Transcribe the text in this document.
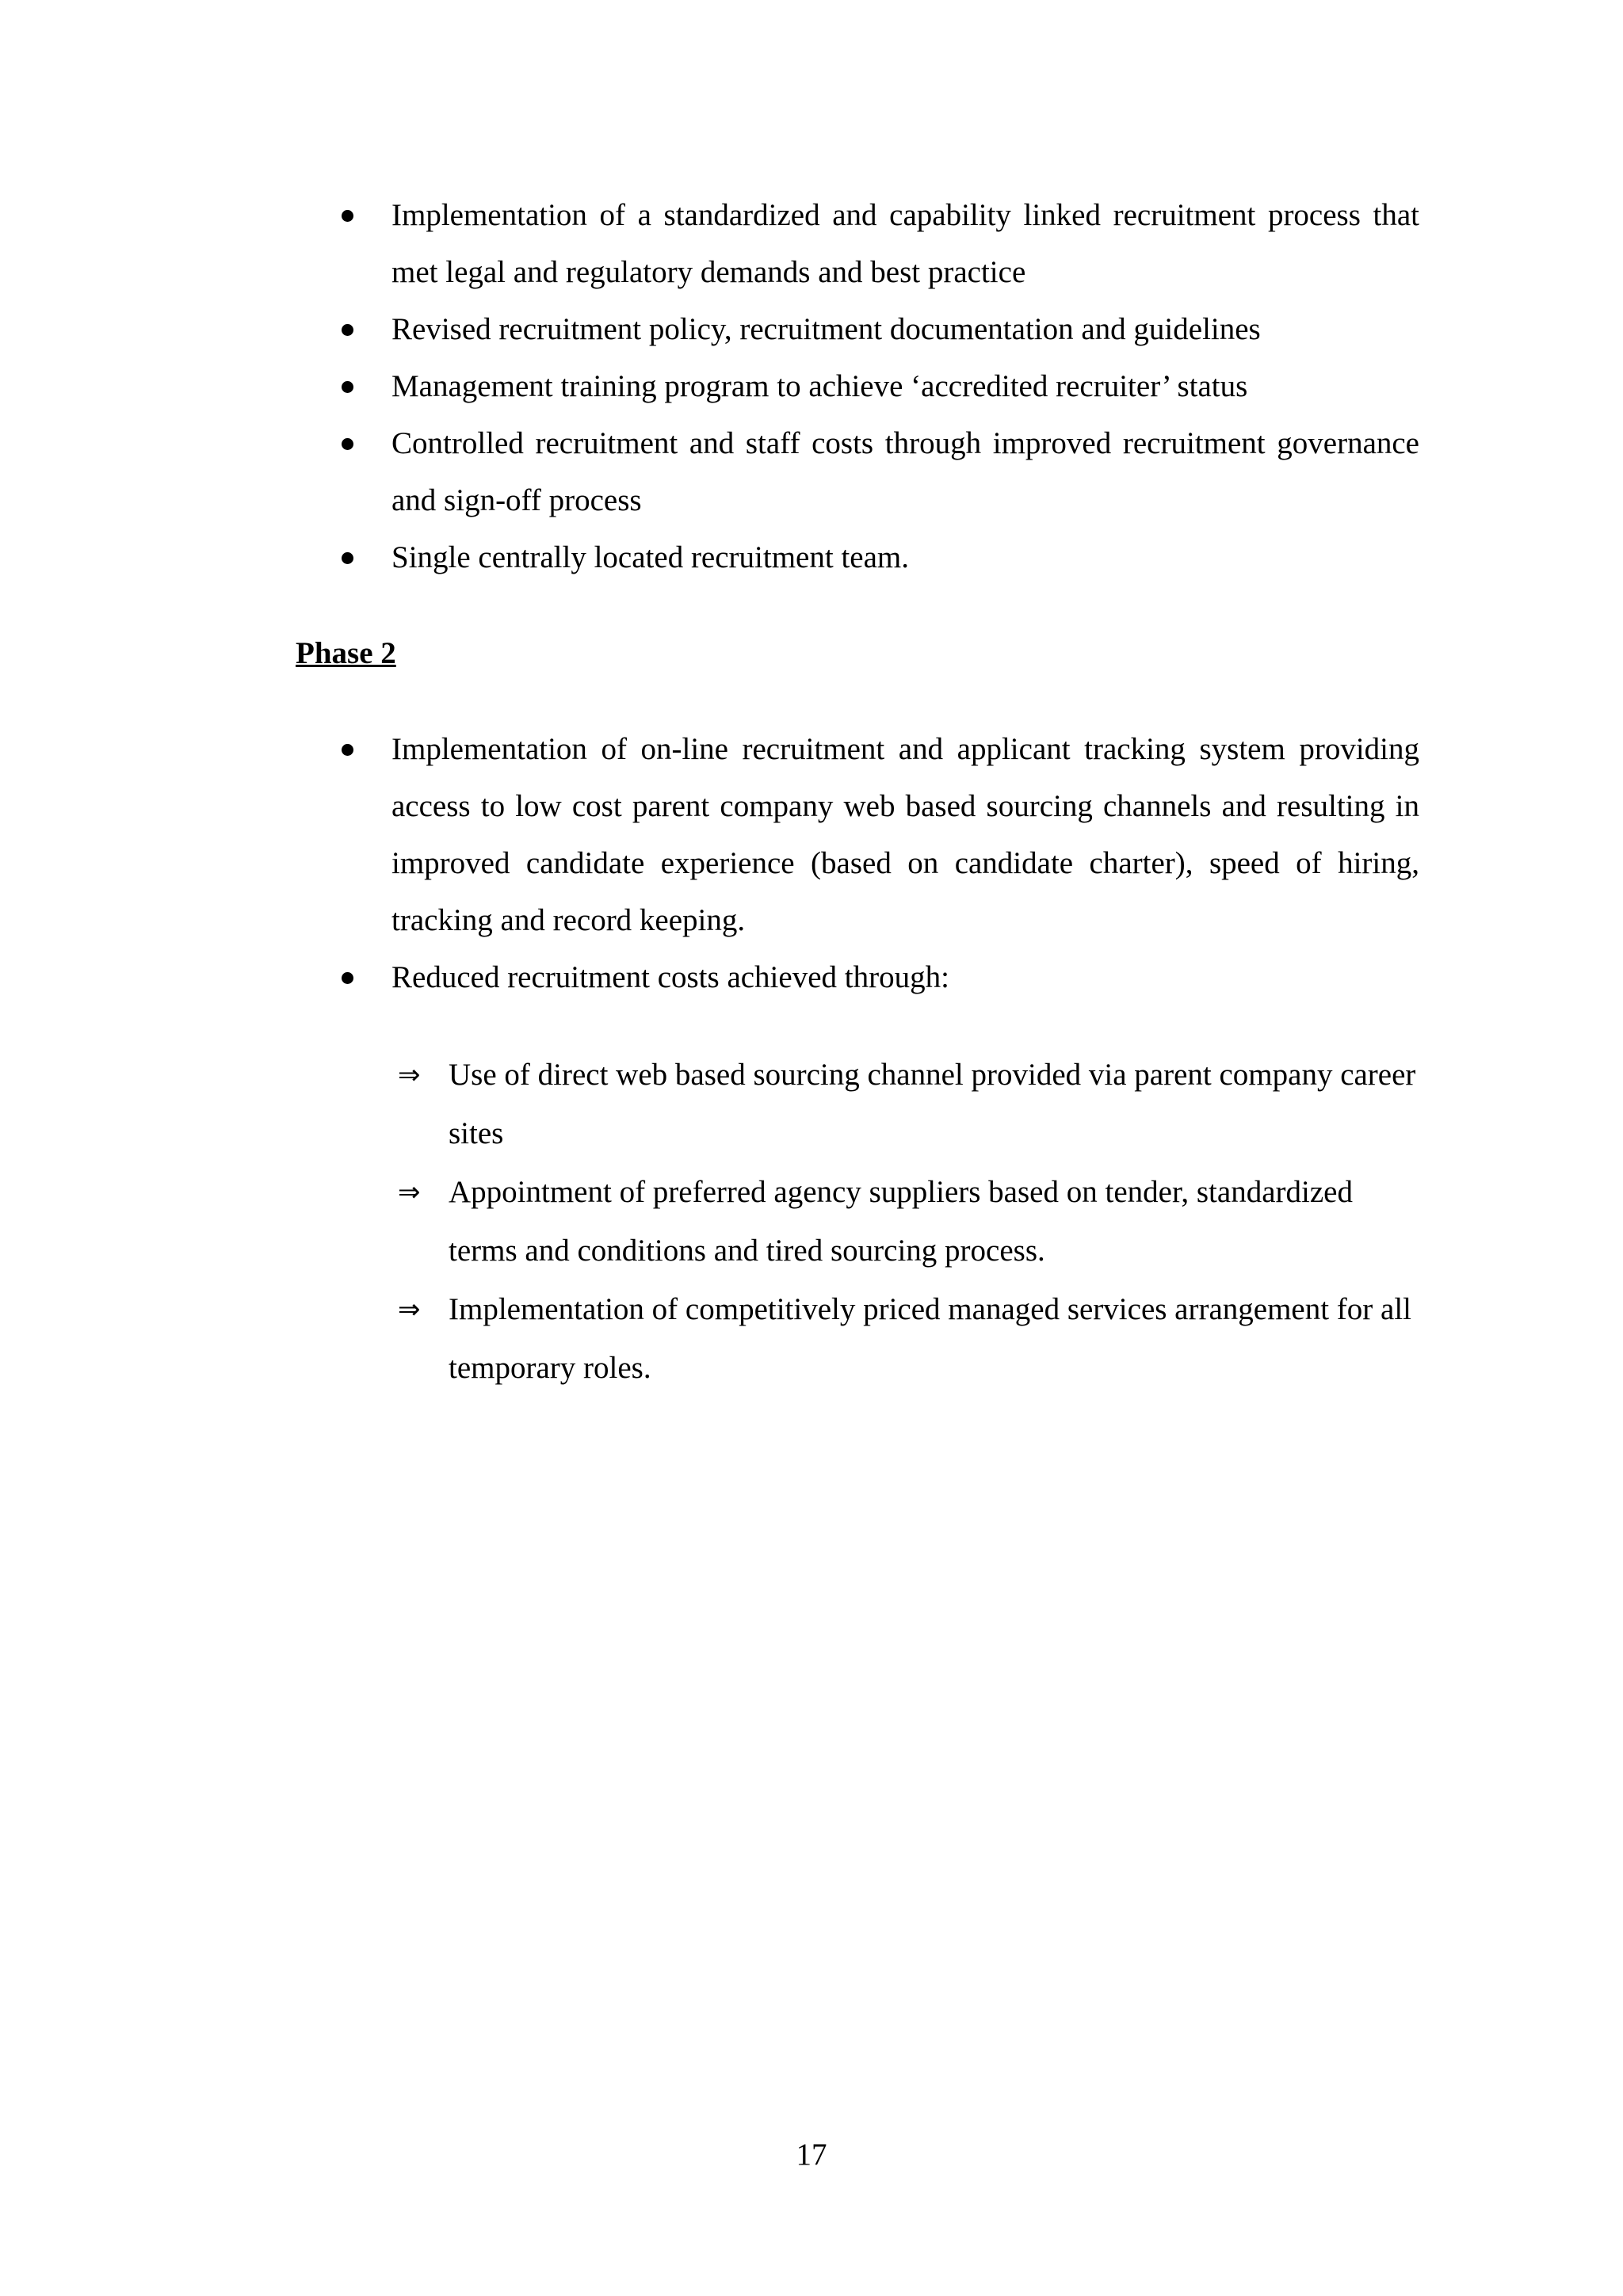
Implementation of a standardized and capability linked recruitment process that met legal and regulatory demands and best practice
Revised recruitment policy, recruitment documentation and guidelines
Management training program to achieve ‘accredited recruiter’ status
Controlled recruitment and staff costs through improved recruitment governance and sign-off process
Single centrally located recruitment team.
Phase 2
Implementation of on-line recruitment and applicant tracking system providing access to low cost parent company web based sourcing channels and resulting in improved candidate experience (based on candidate charter), speed of hiring, tracking and record keeping.
Reduced recruitment costs achieved through:
⇒ Use of direct web based sourcing channel provided via parent company career sites
⇒ Appointment of preferred agency suppliers based on tender, standardized terms and conditions and tired sourcing process.
⇒ Implementation of competitively priced managed services arrangement for all temporary roles.
17
